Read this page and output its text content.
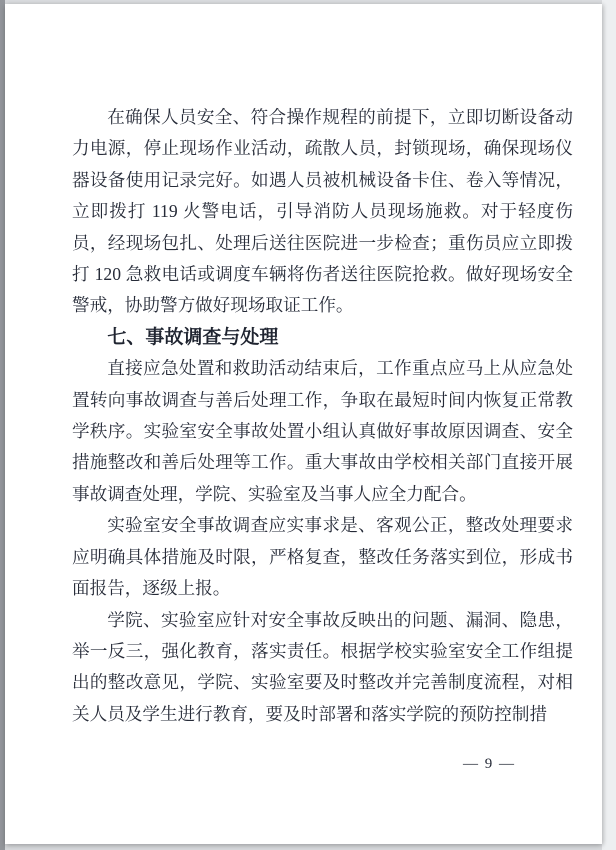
在确保人员安全、符合操作规程的前提下，立即切断设备动力电源，停止现场作业活动，疏散人员，封锁现场，确保现场仪器设备使用记录完好。如遇人员被机械设备卡住、卷入等情况，立即拨打 119 火警电话，引导消防人员现场施救。对于轻度伤员，经现场包扎、处理后送往医院进一步检查；重伤员应立即拨打 120 急救电话或调度车辆将伤者送往医院抢救。做好现场安全警戒，协助警方做好现场取证工作。

七、事故调查与处理

直接应急处置和救助活动结束后，工作重点应马上从应急处置转向事故调查与善后处理工作，争取在最短时间内恢复正常教学秩序。实验室安全事故处置小组认真做好事故原因调查、安全措施整改和善后处理等工作。重大事故由学校相关部门直接开展事故调查处理，学院、实验室及当事人应全力配合。

实验室安全事故调查应实事求是、客观公正，整改处理要求应明确具体措施及时限，严格复查，整改任务落实到位，形成书面报告，逐级上报。

学院、实验室应针对安全事故反映出的问题、漏洞、隐患，举一反三，强化教育，落实责任。根据学校实验室安全工作组提出的整改意见，学院、实验室要及时整改并完善制度流程，对相关人员及学生进行教育，要及时部署和落实学院的预防控制措

— 9 —
